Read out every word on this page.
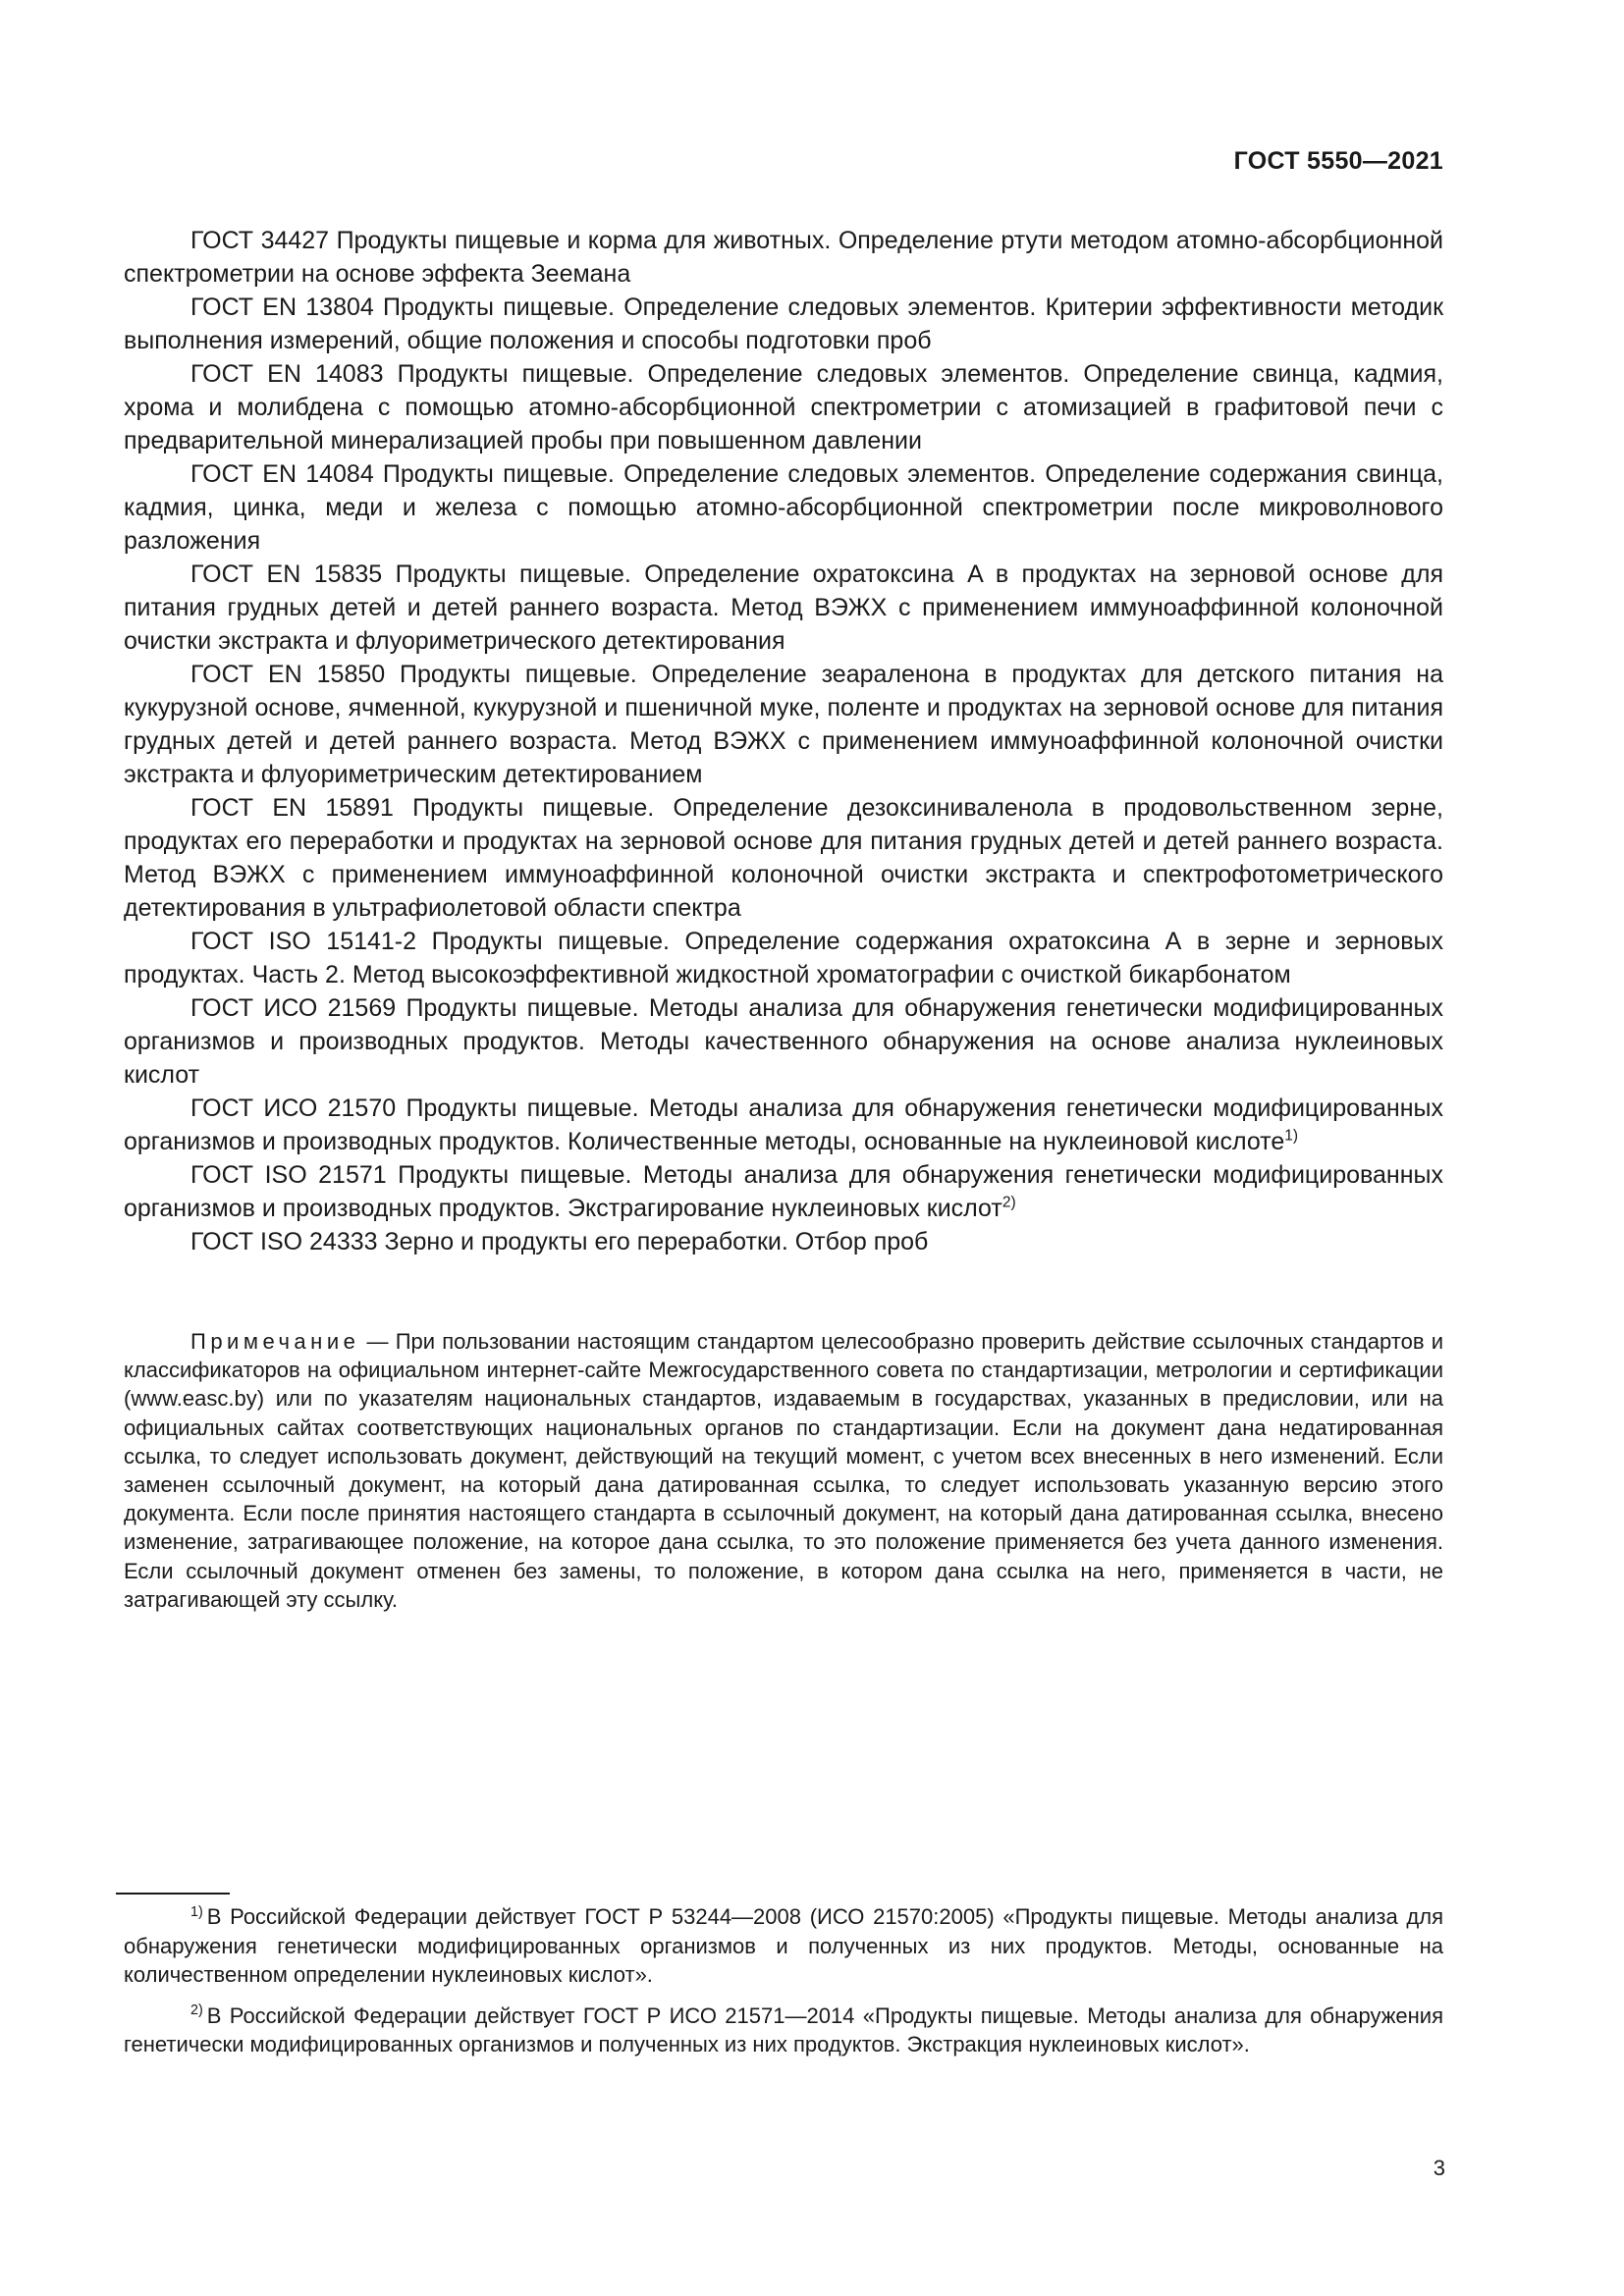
ГОСТ 5550—2021

ГОСТ 34427 Продукты пищевые и корма для животных. Определение ртути методом атомно-абсорбционной спектрометрии на основе эффекта Зеемана

ГОСТ EN 13804 Продукты пищевые. Определение следовых элементов. Критерии эффективности методик выполнения измерений, общие положения и способы подготовки проб

ГОСТ EN 14083 Продукты пищевые. Определение следовых элементов. Определение свинца, кадмия, хрома и молибдена с помощью атомно-абсорбционной спектрометрии с атомизацией в графитовой печи с предварительной минерализацией пробы при повышенном давлении

ГОСТ EN 14084 Продукты пищевые. Определение следовых элементов. Определение содержания свинца, кадмия, цинка, меди и железа с помощью атомно-абсорбционной спектрометрии после микроволнового разложения

ГОСТ EN 15835 Продукты пищевые. Определение охратоксина A в продуктах на зерновой основе для питания грудных детей и детей раннего возраста. Метод ВЭЖХ с применением иммуноаффинной колоночной очистки экстракта и флуориметрического детектирования

ГОСТ EN 15850 Продукты пищевые. Определение зеараленона в продуктах для детского питания на кукурузной основе, ячменной, кукурузной и пшеничной муке, поленте и продуктах на зерновой основе для питания грудных детей и детей раннего возраста. Метод ВЭЖХ с применением иммуноаффинной колоночной очистки экстракта и флуориметрическим детектированием

ГОСТ EN 15891 Продукты пищевые. Определение дезоксиниваленола в продовольственном зерне, продуктах его переработки и продуктах на зерновой основе для питания грудных детей и детей раннего возраста. Метод ВЭЖХ с применением иммуноаффинной колоночной очистки экстракта и спектрофотометрического детектирования в ультрафиолетовой области спектра

ГОСТ ISO 15141-2 Продукты пищевые. Определение содержания охратоксина А в зерне и зерновых продуктах. Часть 2. Метод высокоэффективной жидкостной хроматографии с очисткой бикарбонатом

ГОСТ ИСО 21569 Продукты пищевые. Методы анализа для обнаружения генетически модифицированных организмов и производных продуктов. Методы качественного обнаружения на основе анализа нуклеиновых кислот

ГОСТ ИСО 21570 Продукты пищевые. Методы анализа для обнаружения генетически модифицированных организмов и производных продуктов. Количественные методы, основанные на нуклеиновой кислоте$^{1)}$

ГОСТ ISO 21571 Продукты пищевые. Методы анализа для обнаружения генетически модифицированных организмов и производных продуктов. Экстрагирование нуклеиновых кислот$^{2)}$

ГОСТ ISO 24333 Зерно и продукты его переработки. Отбор проб

Примечание — При пользовании настоящим стандартом целесообразно проверить действие ссылочных стандартов и классификаторов на официальном интернет-сайте Межгосударственного совета по стандартизации, метрологии и сертификации (www.easc.by) или по указателям национальных стандартов, издаваемым в государствах, указанных в предисловии, или на официальных сайтах соответствующих национальных органов по стандартизации. Если на документ дана недатированная ссылка, то следует использовать документ, действующий на текущий момент, с учетом всех внесенных в него изменений. Если заменен ссылочный документ, на который дана датированная ссылка, то следует использовать указанную версию этого документа. Если после принятия настоящего стандарта в ссылочный документ, на который дана датированная ссылка, внесено изменение, затрагивающее положение, на которое дана ссылка, то это положение применяется без учета данного изменения. Если ссылочный документ отменен без замены, то положение, в котором дана ссылка на него, применяется в части, не затрагивающей эту ссылку.

$^{1)}$ В Российской Федерации действует ГОСТ Р 53244—2008 (ИСО 21570:2005) «Продукты пищевые. Методы анализа для обнаружения генетически модифицированных организмов и полученных из них продуктов. Методы, основанные на количественном определении нуклеиновых кислот».

$^{2)}$ В Российской Федерации действует ГОСТ Р ИСО 21571—2014 «Продукты пищевые. Методы анализа для обнаружения генетически модифицированных организмов и полученных из них продуктов. Экстракция нуклеиновых кислот».

3
